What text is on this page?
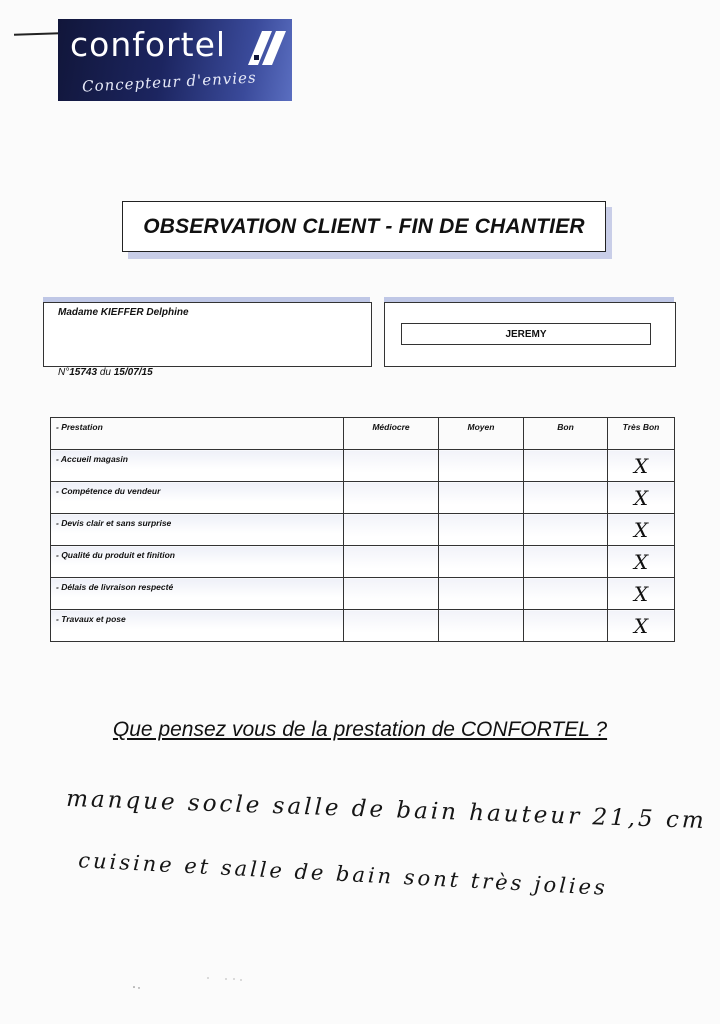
confortel
Concepteur d'envies
OBSERVATION CLIENT - FIN DE CHANTIER
Madame KIEFFER Delphine
JEREMY
N°15743 du 15/07/15
- Prestation	Médiocre	Moyen	Bon	Très Bon
- Accueil magasin				X
- Compétence du vendeur				X
- Devis clair et sans surprise				X
- Qualité du produit et finition				X
- Délais de livraison respecté				X
- Travaux et pose				X
Que pensez vous de la prestation de CONFORTEL ?
manque socle salle de bain hauteur 21,5 cm
cuisine et salle de bain sont très jolies
